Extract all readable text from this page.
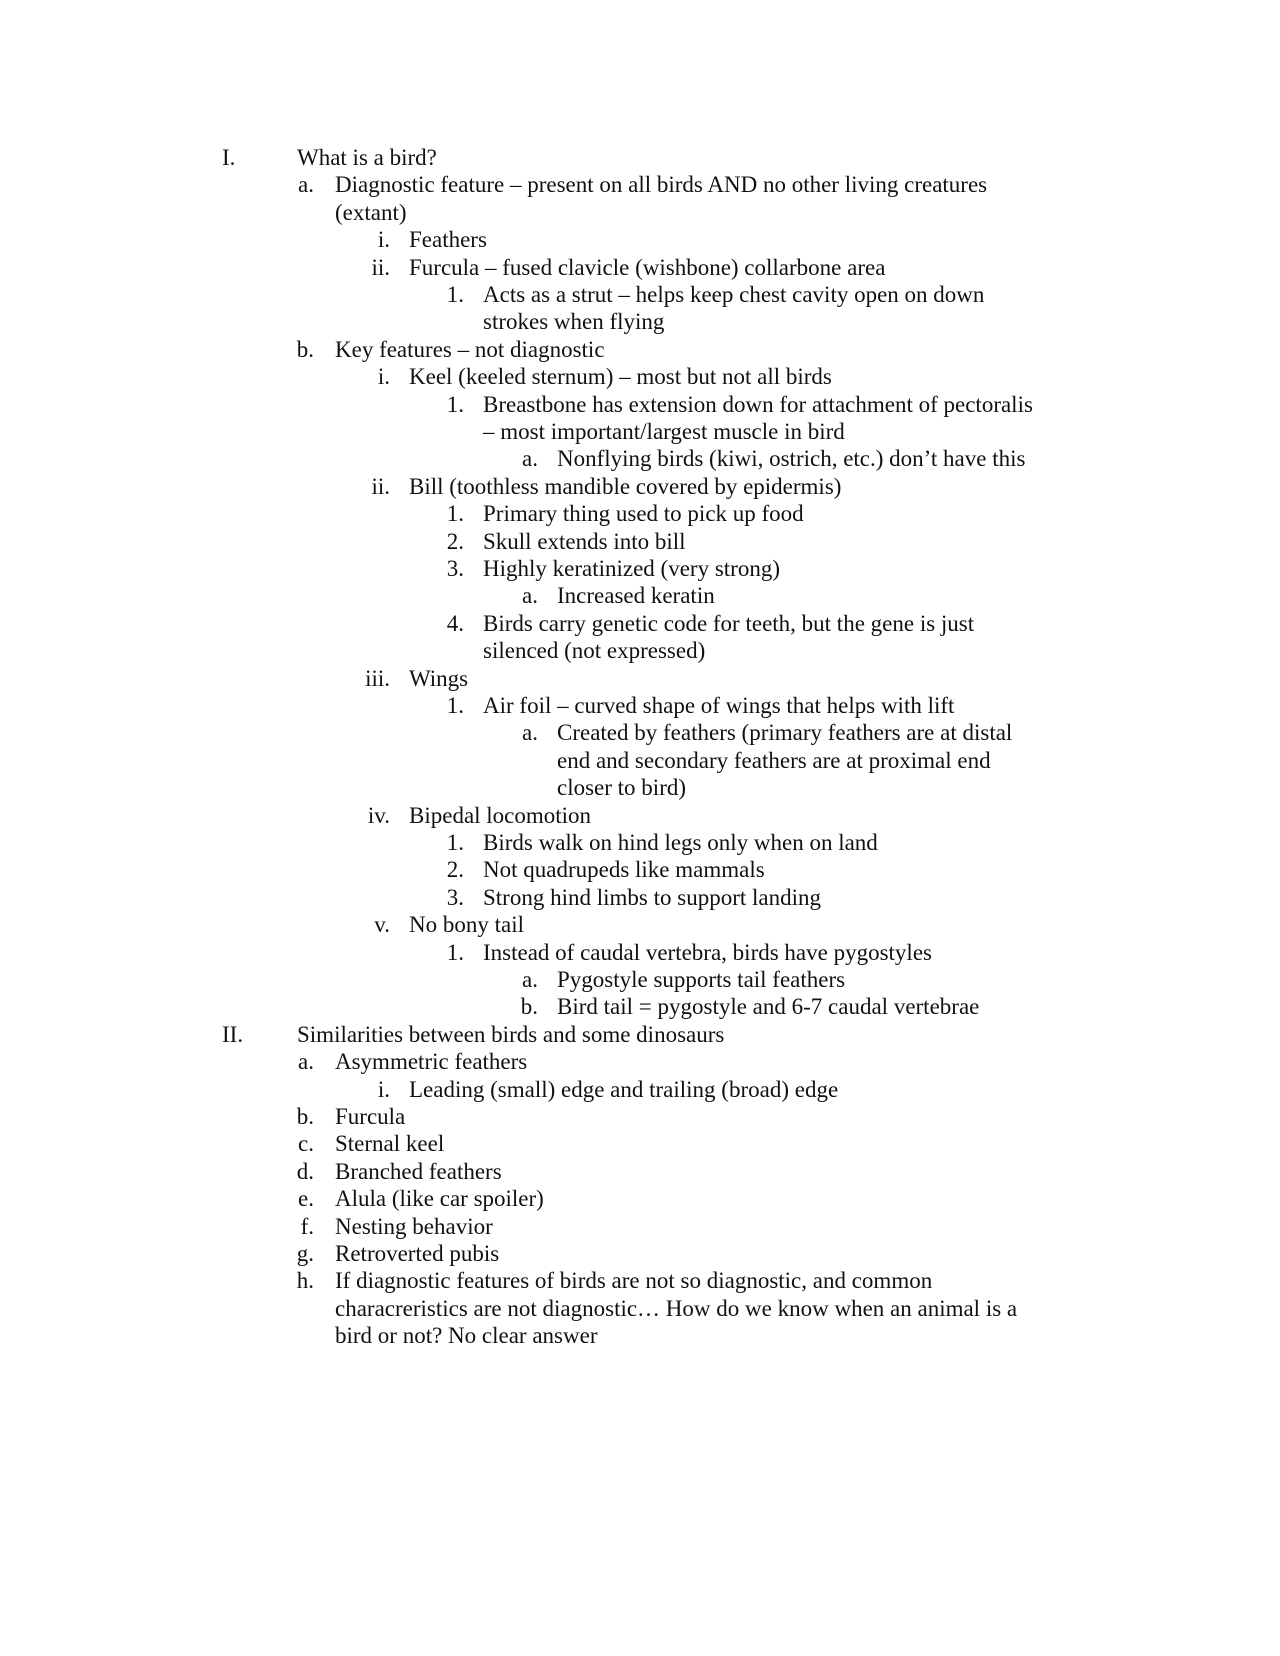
I.	What is a bird?
a. Diagnostic feature – present on all birds AND no other living creatures
(extant)
i. Feathers
ii. Furcula – fused clavicle (wishbone) collarbone area
1. Acts as a strut – helps keep chest cavity open on down
strokes when flying
b. Key features – not diagnostic
i. Keel (keeled sternum) – most but not all birds
1. Breastbone has extension down for attachment of pectoralis
– most important/largest muscle in bird
a. Nonflying birds (kiwi, ostrich, etc.) don’t have this
ii. Bill (toothless mandible covered by epidermis)
1. Primary thing used to pick up food
2. Skull extends into bill
3. Highly keratinized (very strong)
a. Increased keratin
4. Birds carry genetic code for teeth, but the gene is just
silenced (not expressed)
iii. Wings
1. Air foil – curved shape of wings that helps with lift
a. Created by feathers (primary feathers are at distal
end and secondary feathers are at proximal end
closer to bird)
iv. Bipedal locomotion
1. Birds walk on hind legs only when on land
2. Not quadrupeds like mammals
3. Strong hind limbs to support landing
v. No bony tail
1. Instead of caudal vertebra, birds have pygostyles
a. Pygostyle supports tail feathers
b. Bird tail = pygostyle and 6-7 caudal vertebrae
II. Similarities between birds and some dinosaurs
a. Asymmetric feathers
i. Leading (small) edge and trailing (broad) edge
b. Furcula
c. Sternal keel
d. Branched feathers
e. Alula (like car spoiler)
f. Nesting behavior
g. Retroverted pubis
h. If diagnostic features of birds are not so diagnostic, and common
characreristics are not diagnostic… How do we know when an animal is a
bird or not? No clear answer
